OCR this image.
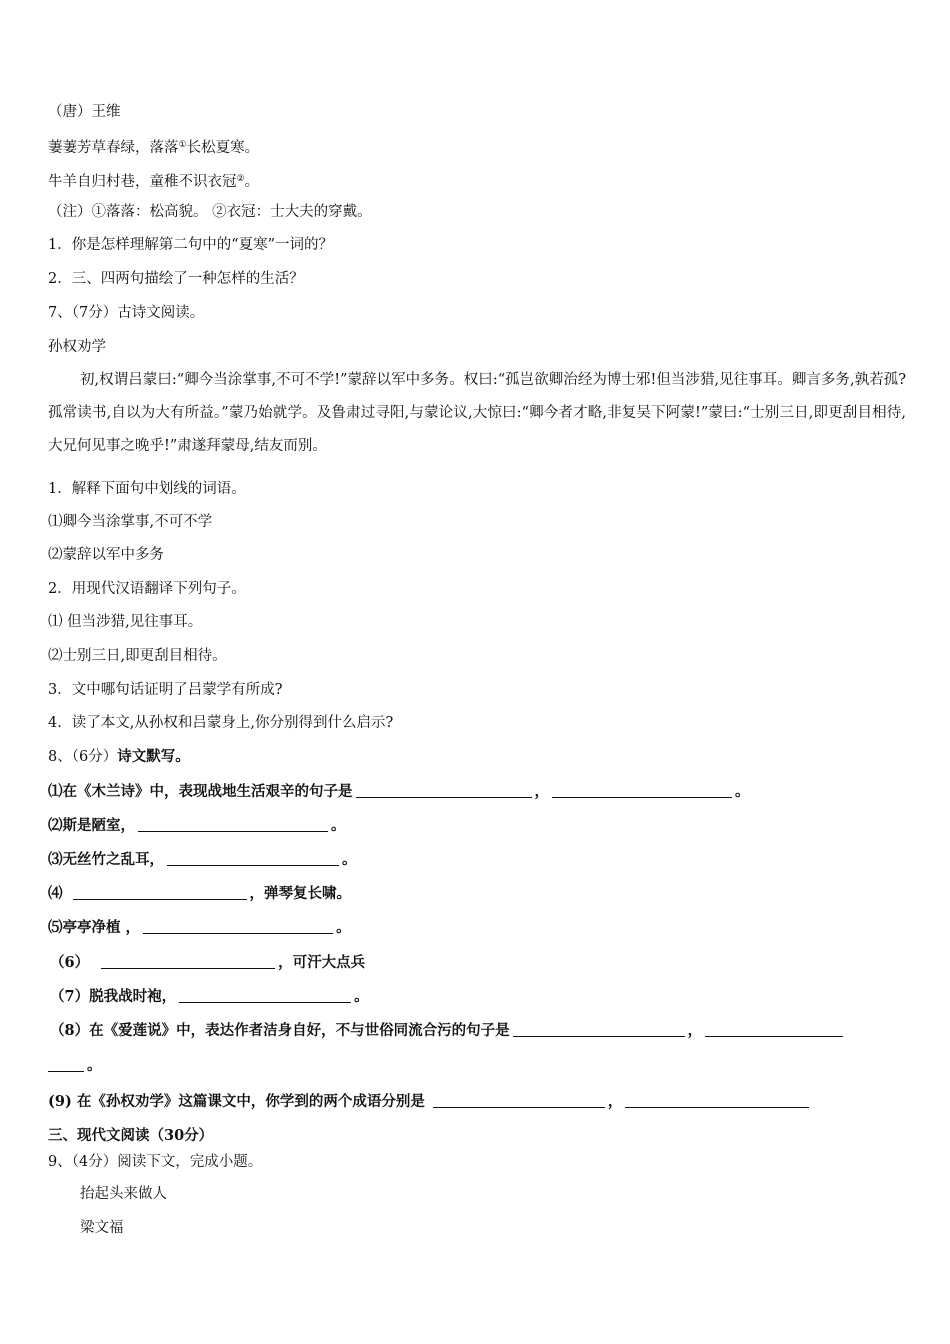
（唐）王维
萋萋芳草春绿，落落①长松夏寒。
牛羊自归村巷，童稚不识衣冠②。
（注）①落落：松高貌。 ②衣冠：士大夫的穿戴。
1．你是怎样理解第二句中的“夏寒”一词的？
2．三、四两句描绘了一种怎样的生活？
7、（7分）古诗文阅读。
孙权劝学
初,权谓吕蒙曰:“卿今当涂掌事,不可不学!”蒙辞以军中多务。权曰:“孤岂欲卿治经为博士邪!但当涉猎,见往事耳。卿言多务,孰若孤?孤常读书,自以为大有所益。”蒙乃始就学。及鲁肃过寻阳,与蒙论议,大惊曰:“卿今者才略,非复吴下阿蒙!”蒙曰:“士别三日,即更刮目相待,大兄何见事之晚乎!”肃遂拜蒙母,结友而别。
1．解释下面句中划线的词语。
⑴卿今当涂掌事,不可不学
⑵蒙辞以军中多务
2．用现代汉语翻译下列句子。
⑴ 但当涉猎,见往事耳。
⑵士别三日,即更刮目相待。
3．文中哪句话证明了吕蒙学有所成?
4．读了本文,从孙权和吕蒙身上,你分别得到什么启示?
8、（6分）诗文默写。
⑴在《木兰诗》中，表现战地生活艰辛的句子是	，	。
⑵斯是陋室，	。
⑶无丝竹之乱耳，	。
⑷	，弹琴复长啸。
⑸亭亭净植 ，	。
（6）	，可汗大点兵
（7）脱我战时袍，	。
（8）在《爱莲说》中，表达作者洁身自好，不与世俗同流合污的句子是	，
。
(9) 在《孙权劝学》这篇课文中，你学到的两个成语分别是	，
三、现代文阅读（30分）
9、（4分）阅读下文，完成小题。
抬起头来做人
梁文福
